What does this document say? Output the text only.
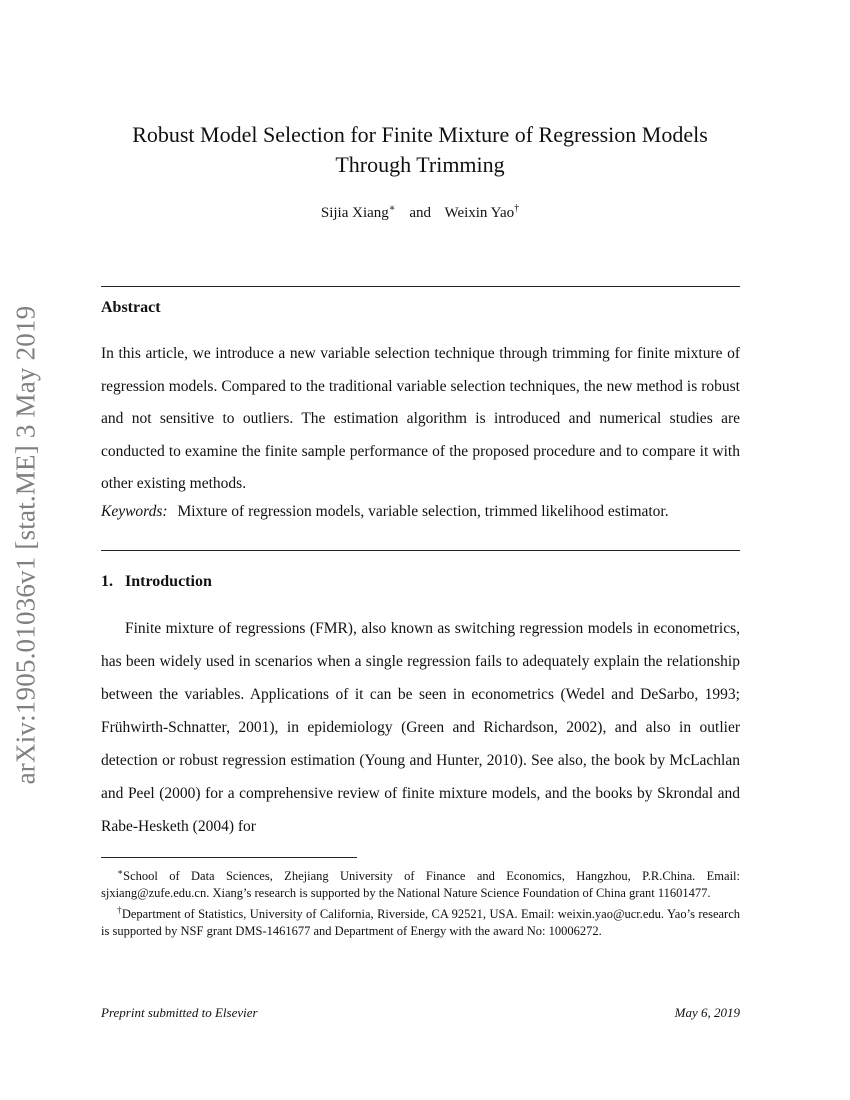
arXiv:1905.01036v1 [stat.ME] 3 May 2019
Robust Model Selection for Finite Mixture of Regression Models
Through Trimming
Sijia Xiang∗ and Weixin Yao†
Abstract
In this article, we introduce a new variable selection technique through trimming for finite mixture of regression models. Compared to the traditional variable selection techniques, the new method is robust and not sensitive to outliers. The estimation algorithm is introduced and numerical studies are conducted to examine the finite sample performance of the proposed procedure and to compare it with other existing methods.
Keywords: Mixture of regression models, variable selection, trimmed likelihood estimator.
1. Introduction

Finite mixture of regressions (FMR), also known as switching regression models in econometrics, has been widely used in scenarios when a single regression fails to adequately explain the relationship between the variables. Applications of it can be seen in econometrics (Wedel and DeSarbo, 1993; Frühwirth-Schnatter, 2001), in epidemiology (Green and Richardson, 2002), and also in outlier detection or robust regression estimation (Young and Hunter, 2010). See also, the book by McLachlan and Peel (2000) for a comprehensive review of finite mixture models, and the books by Skrondal and Rabe-Hesketh (2004) for

∗School of Data Sciences, Zhejiang University of Finance and Economics, Hangzhou, P.R.China. Email: sjxiang@zufe.edu.cn. Xiang’s research is supported by the National Nature Science Foundation of China grant 11601477.

†Department of Statistics, University of California, Riverside, CA 92521, USA. Email: weixin.yao@ucr.edu. Yao’s research is supported by NSF grant DMS-1461677 and Department of Energy with the award No: 10006272.

Preprint submitted to Elsevier	May 6, 2019
